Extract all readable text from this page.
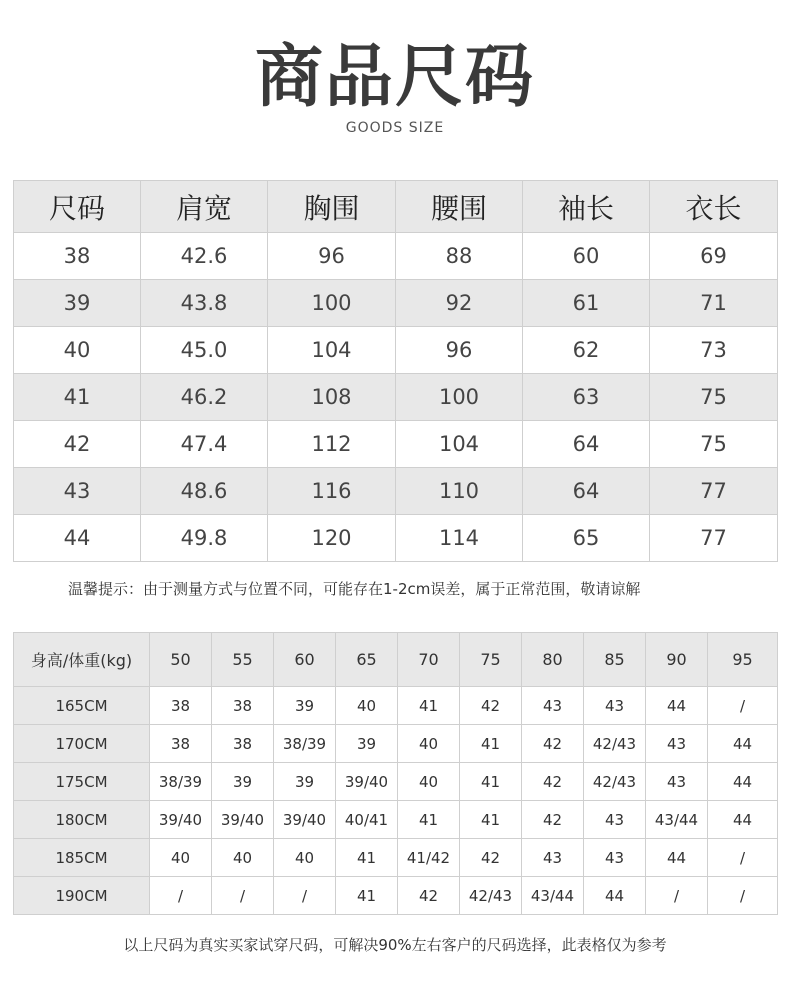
商品尺码
GOODS SIZE
尺码	肩宽	胸围	腰围	袖长	衣长
38	42.6	96	88	60	69
39	43.8	100	92	61	71
40	45.0	104	96	62	73
41	46.2	108	100	63	75
42	47.4	112	104	64	75
43	48.6	116	110	64	77
44	49.8	120	114	65	77
温馨提示：由于测量方式与位置不同，可能存在1-2cm误差，属于正常范围，敬请谅解
身高/体重(kg)	50	55	60	65	70	75	80	85	90	95
165CM	38	38	39	40	41	42	43	43	44	/
170CM	38	38	38/39	39	40	41	42	42/43	43	44
175CM	38/39	39	39	39/40	40	41	42	42/43	43	44
180CM	39/40	39/40	39/40	40/41	41	41	42	43	43/44	44
185CM	40	40	40	41	41/42	42	43	43	44	/
190CM	/	/	/	41	42	42/43	43/44	44	/	/
以上尺码为真实买家试穿尺码，可解决90%左右客户的尺码选择，此表格仅为参考
